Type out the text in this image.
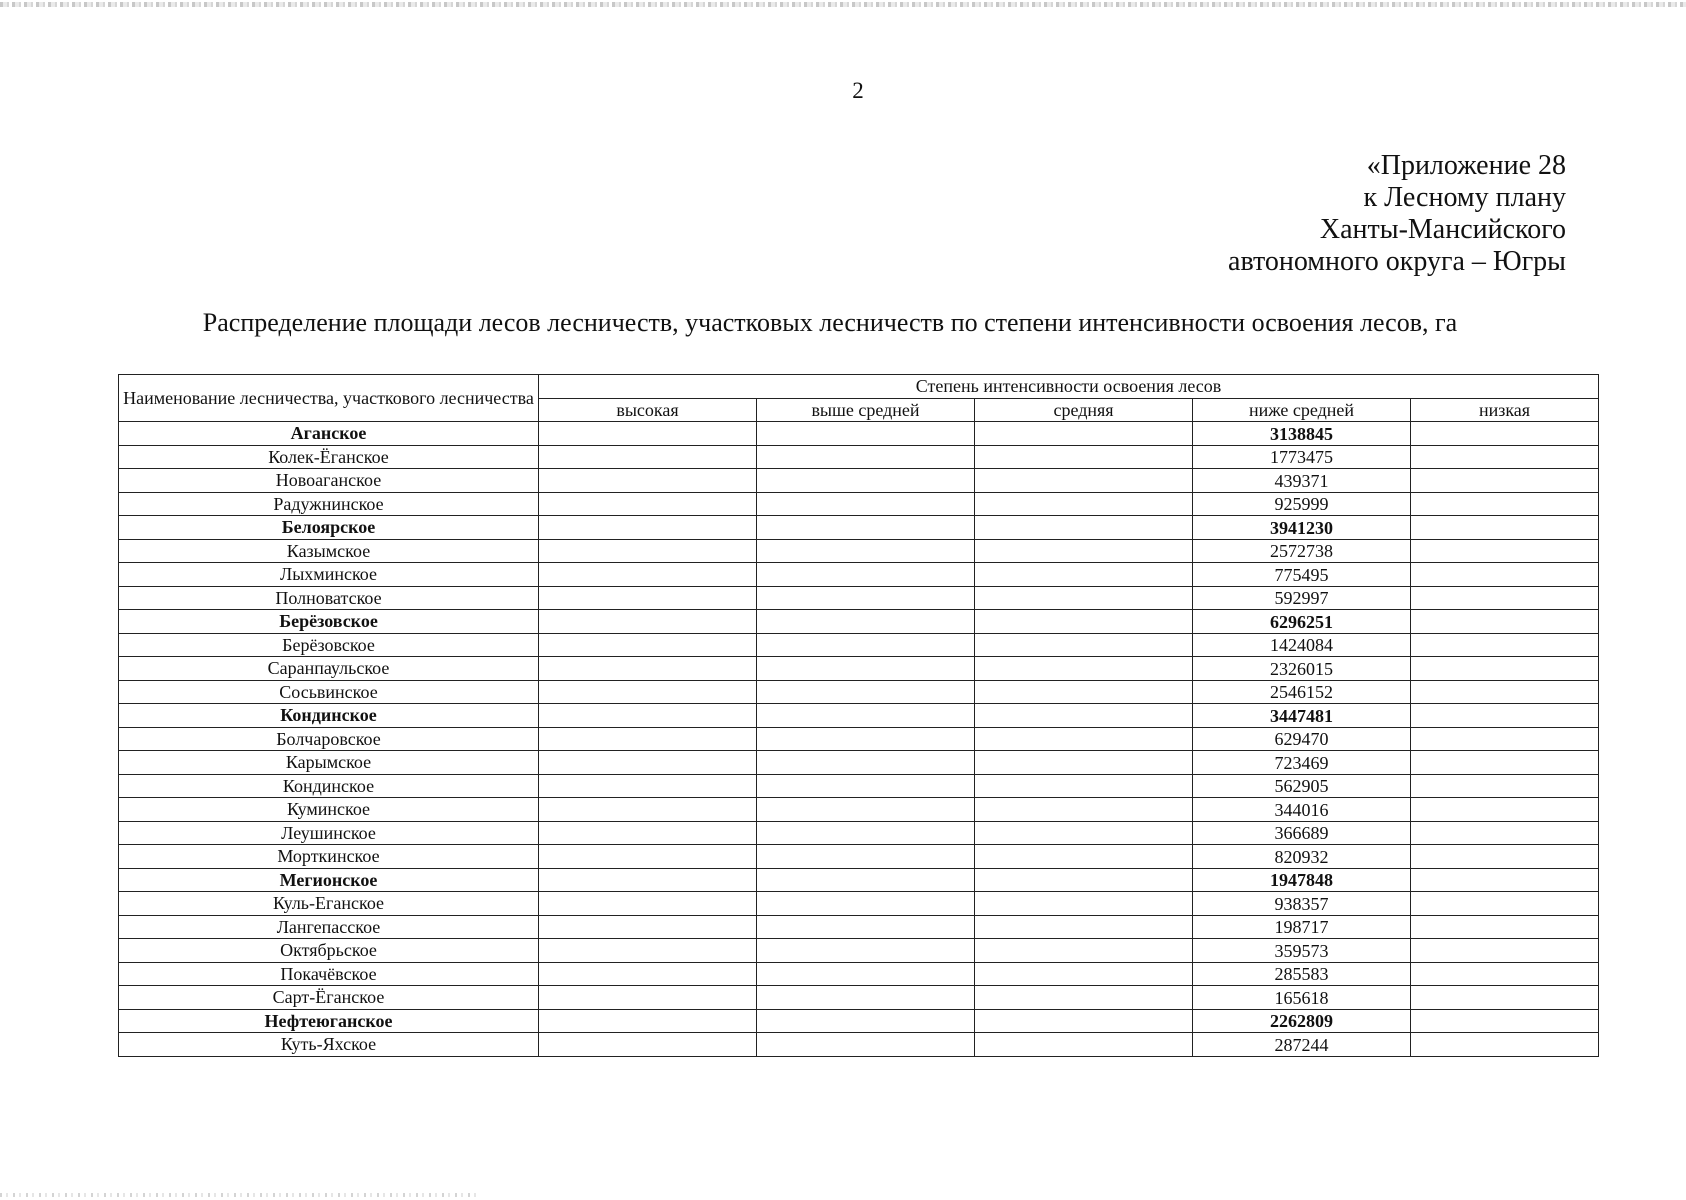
2
«Приложение 28
к Лесному плану
Ханты-Мансийского
автономного округа – Югры
Распределение площади лесов лесничеств, участковых лесничеств по степени интенсивности освоения лесов, га
Наименование лесничества, участкового лесничества	Степень интенсивности освоения лесов				
	высокая	выше средней	средняя	ниже средней	низкая
Аганское				3138845	
Колек-Ёганское				1773475	
Новоаганское				439371	
Радужнинское				925999	
Белоярское				3941230	
Казымское				2572738	
Лыхминское				775495	
Полноватское				592997	
Берёзовское				6296251	
Берёзовское				1424084	
Саранпаульское				2326015	
Сосьвинское				2546152	
Кондинское				3447481	
Болчаровское				629470	
Карымское				723469	
Кондинское				562905	
Куминское				344016	
Леушинское				366689	
Морткинское				820932	
Мегионское				1947848	
Куль-Еганское				938357	
Лангепасское				198717	
Октябрьское				359573	
Покачёвское				285583	
Сарт-Ёганское				165618	
Нефтеюганское				2262809	
Куть-Яхское				287244	
